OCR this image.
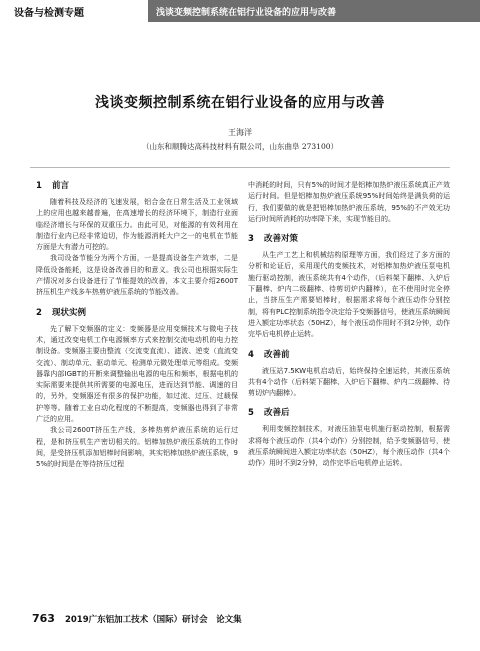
设备与检测专题	浅谈变频控制系统在铝行业设备的应用与改善
浅谈变频控制系统在铝行业设备的应用与改善
王海洋
（山东和顺腾达高科技材料有限公司，山东曲阜 273100）
1 前言

随着科技及经济的飞速发展，铝合金在日常生活及工业领域上的应用也越来越普遍，在高速增长的经济环境下，制造行业面临经济增长与环保的双重压力。由此可见，对能源的有效利用在制造行业内已经非常迫切，作为能源消耗大户之一的电机在节能方面是大有潜力可挖的。

我司设备节能分为两个方面，一是提高设备生产效率，二是降低设备能耗，这是设备改善目的和意义。我公司也根据实际生产情况对多台设备进行了节能提效的改善，本文主要介绍2600T挤压机生产线多车热剪炉液压系统的节能改善。

2 现状实例

先了解下变频器的定义：变频器是应用变频技术与微电子技术，通过改变电机工作电源频率方式来控制交流电动机的电力控制设备。变频器主要由整流（交流变直流）、滤波、逆变（直流变交流）、制动单元、驱动单元、检测单元微处理单元等组成。变频器靠内部IGBT的开断来调整输出电源的电压和频率，根据电机的实际需要来提供其所需要的电源电压，进而达到节能、调速的目的，另外，变频器还有很多的保护功能，如过流、过压、过载保护等等。随着工业自动化程度的不断提高，变频器也得到了非常广泛的应用。

我公司2600T挤压生产线，多棒热剪炉液压系统的运行过程，是和挤压机生产密切相关的。铝棒加热炉液压系统的工作时间，是受挤压机添加铝棒时间影响，其实铝棒加热炉液压系统，95%的时间是在等待挤压过程

中消耗的时间，只有5%的时间才是铝棒加热炉液压系统真正产效运行时间。但是铝棒加热炉液压系统95%时间始终是满负荷的运行，我们要做的就是把铝棒加热炉液压系统，95%的不产效无功运行时间所消耗的功率降下来，实现节能目的。

3 改善对策

从生产工艺上和机械结构原理等方面，我们经过了多方面的分析和论证后，采用现代的变频技术，对铝棒加热炉液压泵电机施行驱动控制，液压系统共有4个动作，（后料架下翻棒、入炉后下翻棒、炉内二级翻棒、待剪切炉内翻棒），在不使用时完全停止，当挤压生产需要铝棒时，根据需求将每个液压动作分别控制，将有PLC控制系统指令决定给予变频器信号，使液压系统瞬间进入额定功率状态（50HZ），每个液压动作用时不到2分钟，动作完毕后电机停止运转。

4 改善前

液压站7.5KW电机启动后，始终保持全速运转，其液压系统共有4个动作（后料架下翻棒、入炉后下翻棒、炉内二级翻棒、待剪切炉内翻棒）。

5 改善后

利用变频控制技术，对液压油泵电机施行驱动控制，根据需求将每个液压动作（共4个动作）分别控制，给予变频器信号，使液压系统瞬间进入额定功率状态（50HZ），每个液压动作（共4个动作）用时不到2分钟，动作完毕后电机停止运转。

763 2019广东铝加工技术（国际）研讨会　论文集
